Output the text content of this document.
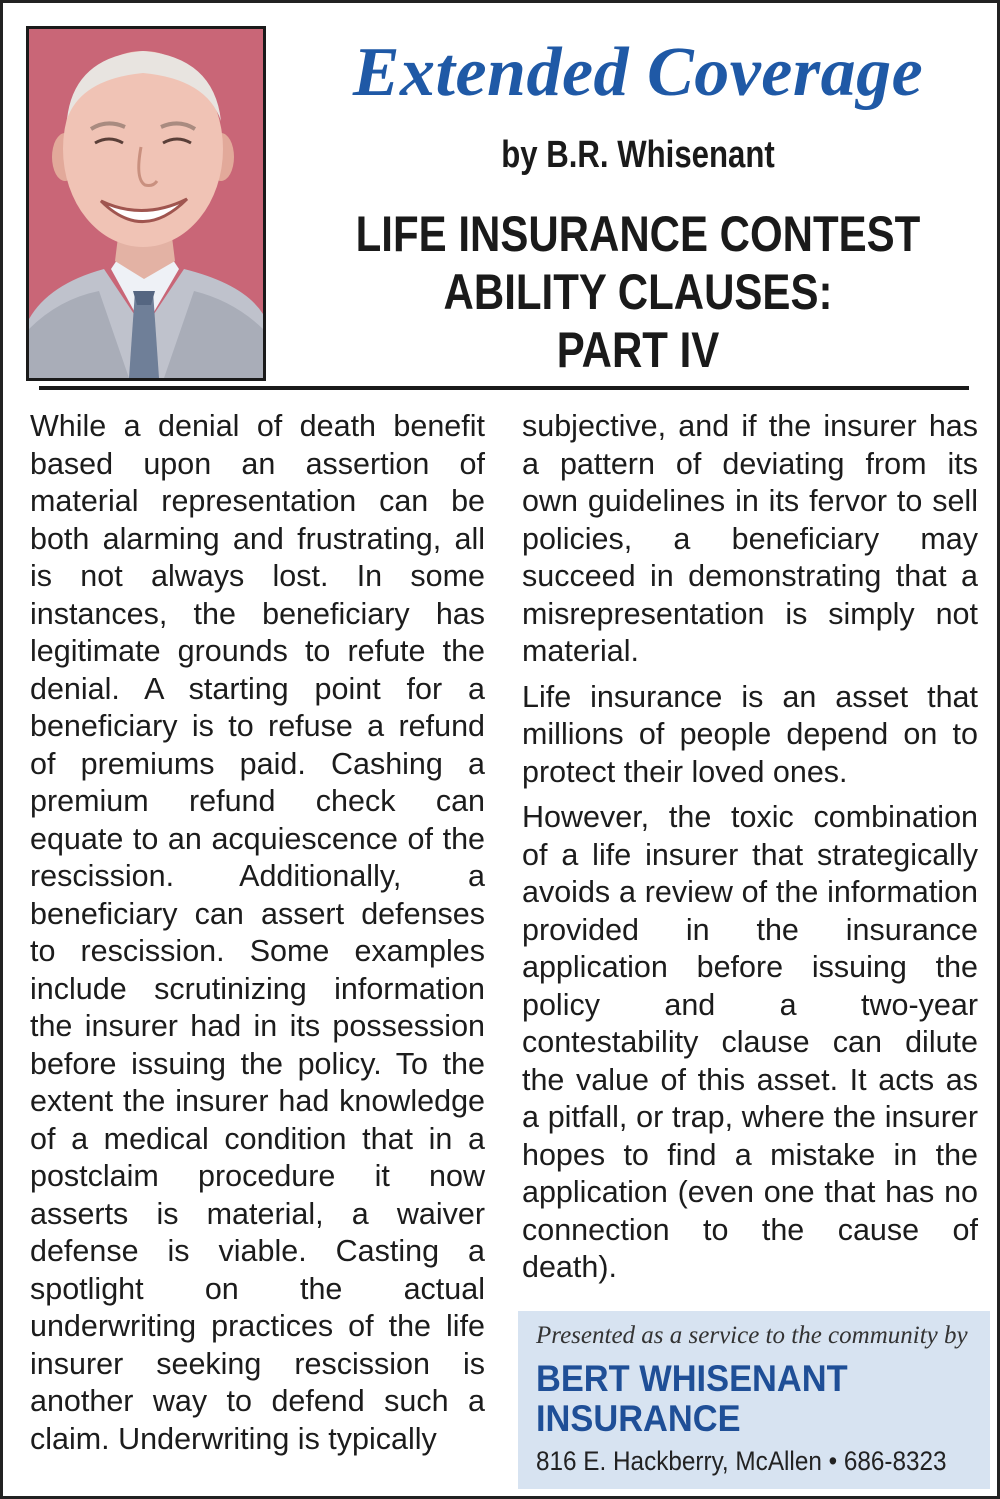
Extended Coverage
by B.R. Whisenant
LIFE INSURANCE CONTEST
ABILITY CLAUSES:
PART IV

While a denial of death benefit based upon an assertion of material representation can be both alarming and frustrating, all is not always lost. In some instances, the beneficiary has legitimate grounds to refute the denial. A starting point for a beneficiary is to refuse a refund of premiums paid. Cashing a premium refund check can equate to an acquiescence of the rescission. Additionally, a beneficiary can assert defenses to rescission. Some examples include scrutinizing information the insurer had in its possession before issuing the policy. To the extent the insurer had knowledge of a medical condition that in a postclaim procedure it now asserts is material, a waiver defense is viable. Casting a spotlight on the actual underwriting practices of the life insurer seeking rescission is another way to defend such a claim. Underwriting is typically

subjective, and if the insurer has a pattern of deviating from its own guidelines in its fervor to sell policies, a beneficiary may succeed in demonstrating that a misrepresentation is simply not material.

Life insurance is an asset that millions of people depend on to protect their loved ones.

However, the toxic combination of a life insurer that strategically avoids a review of the information provided in the insurance application before issuing the policy and a two-year contestability clause can dilute the value of this asset. It acts as a pitfall, or trap, where the insurer hopes to find a mistake in the application (even one that has no connection to the cause of death).

Presented as a service to the community by
BERT WHISENANT
INSURANCE
816 E. Hackberry, McAllen • 686-8323
